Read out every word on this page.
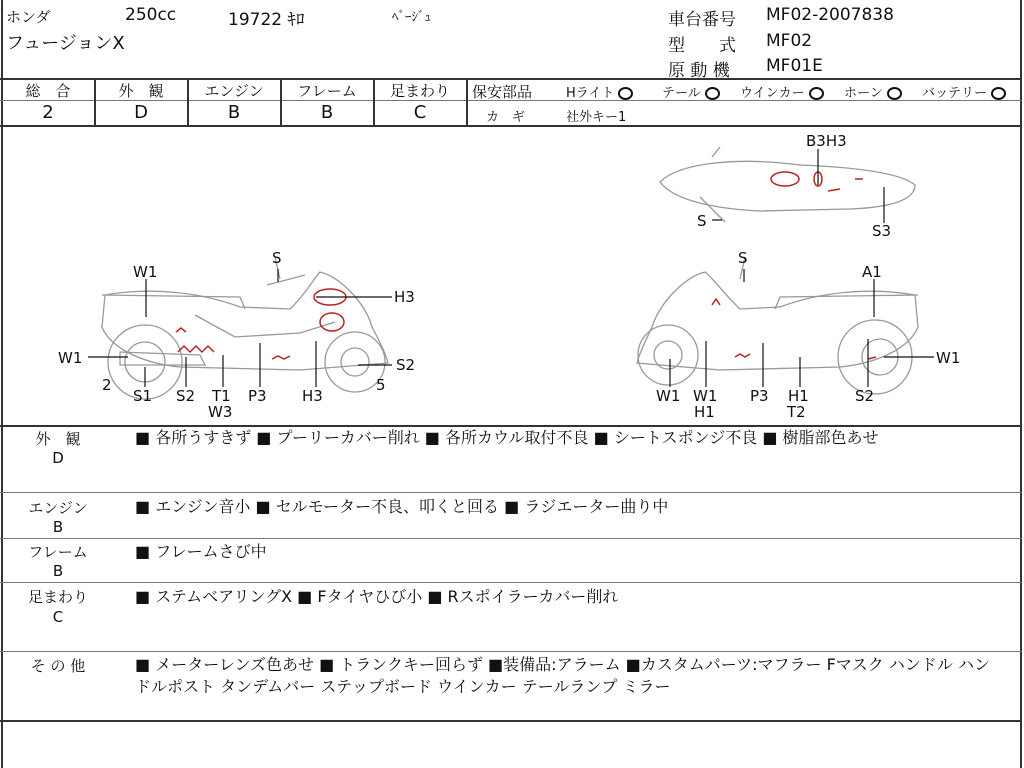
ホンダ	250cc	19722 ｷﾛ	ﾍﾞｰｼﾞｭ
フュージョンX
車台番号 MF02-2007838
型　　式 MF02
原 動 機 MF01E
総　合	外　観	エンジン	フレーム	足まわり
2	D	B	B	C
保安部品	Hライト	テール	ウインカー	ホーン	バッテリー
カ　ギ	社外キー1
W1
S
H3
W1	S2
2	5
S1 S2 T1
W3
P3 H3
S
A1
W1 W1
H1
P3 H1
T2
S2
W1
B3H3
S
S3
外　観
D
■ 各所うすきず ■ プーリーカバー削れ ■ 各所カウル取付不良 ■ シートスポンジ不良 ■ 樹脂部色あせ
エンジン
B
■ エンジン音小 ■ セルモーター不良、叩くと回る ■ ラジエーター曲り中
フレーム
B
■ フレームさび中
足まわり
C
■ ステムベアリングX ■ Fタイヤひび小 ■ Rスポイラーカバー削れ
そ の 他	■ メーターレンズ色あせ ■ トランクキー回らず ■装備品:アラーム ■カスタムパーツ:マフラー Fマスク ハンドル ハンドルポスト タンデムバー ステップボード ウインカー テールランプ ミラー
